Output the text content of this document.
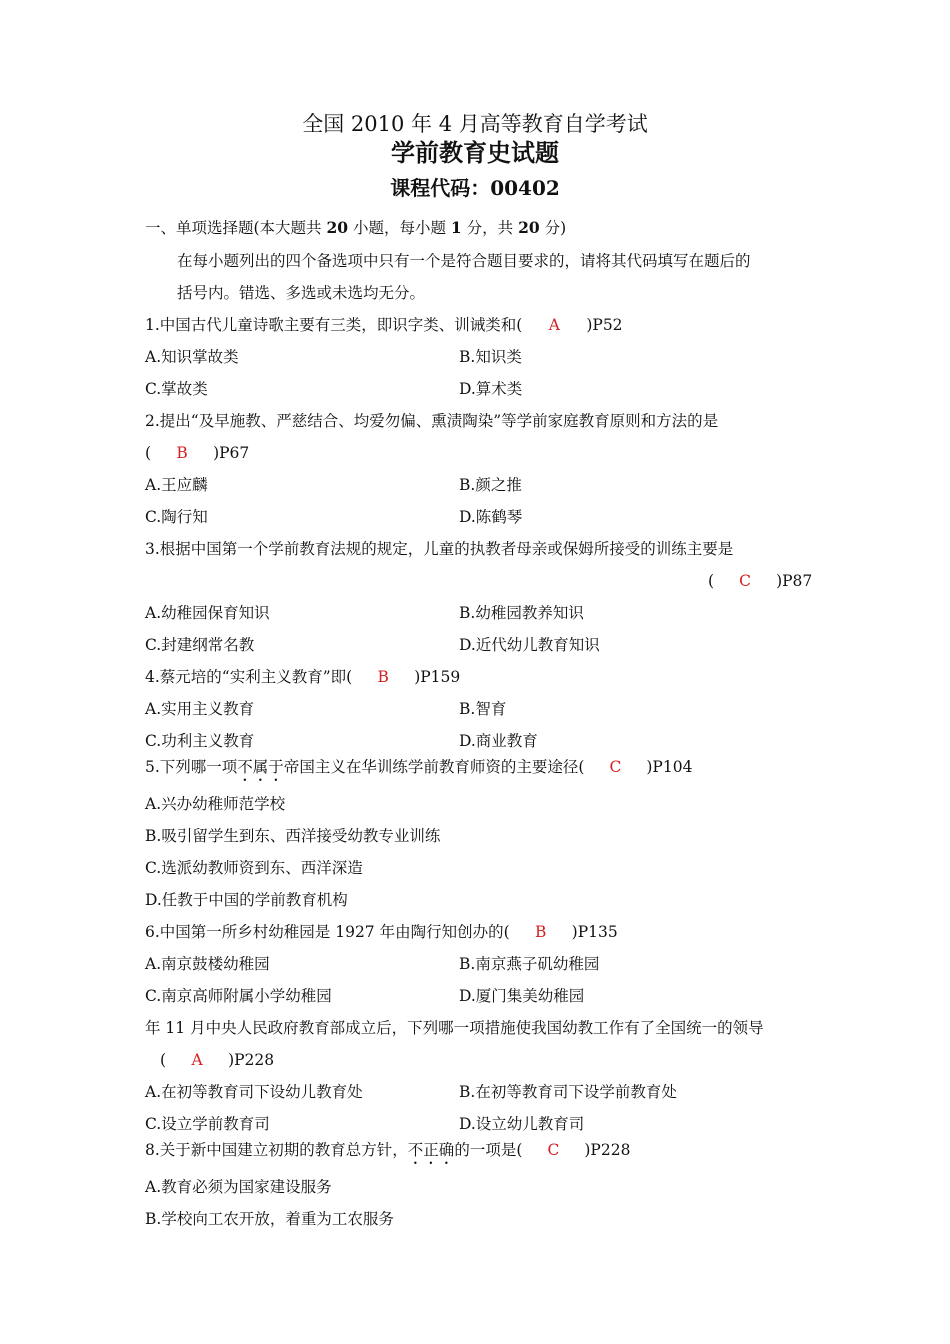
全国 2010 年 4 月高等教育自学考试
学前教育史试题
课程代码：00402
一、单项选择题(本大题共 20 小题，每小题 1 分，共 20 分)
在每小题列出的四个备选项中只有一个是符合题目要求的，请将其代码填写在题后的
括号内。错选、多选或未选均无分。
1.中国古代儿童诗歌主要有三类，即识字类、训诫类和( A )P52
A.知识掌故类	B.知识类
C.掌故类	D.算术类
2.提出“及早施教、严慈结合、均爱勿偏、熏渍陶染”等学前家庭教育原则和方法的是
( B )P67
A.王应麟	B.颜之推
C.陶行知	D.陈鹤琴
3.根据中国第一个学前教育法规的规定，儿童的执教者母亲或保姆所接受的训练主要是
( C )P87
A.幼稚园保育知识	B.幼稚园教养知识
C.封建纲常名教	D.近代幼儿教育知识
4.蔡元培的“实利主义教育”即( B )P159
A.实用主义教育	B.智育
C.功利主义教育	D.商业教育
5.下列哪一项不属于帝国主义在华训练学前教育师资的主要途径( C )P104
A.兴办幼稚师范学校
B.吸引留学生到东、西洋接受幼教专业训练
C.选派幼教师资到东、西洋深造
D.任教于中国的学前教育机构
6.中国第一所乡村幼稚园是 1927 年由陶行知创办的( B )P135
A.南京鼓楼幼稚园	B.南京燕子矶幼稚园
C.南京高师附属小学幼稚园	D.厦门集美幼稚园
年 11 月中央人民政府教育部成立后，下列哪一项措施使我国幼教工作有了全国统一的领导
( A )P228
A.在初等教育司下设幼儿教育处	B.在初等教育司下设学前教育处
C.设立学前教育司	D.设立幼儿教育司
8.关于新中国建立初期的教育总方针，不正确的一项是( C )P228
A.教育必须为国家建设服务
B.学校向工农开放，着重为工农服务
